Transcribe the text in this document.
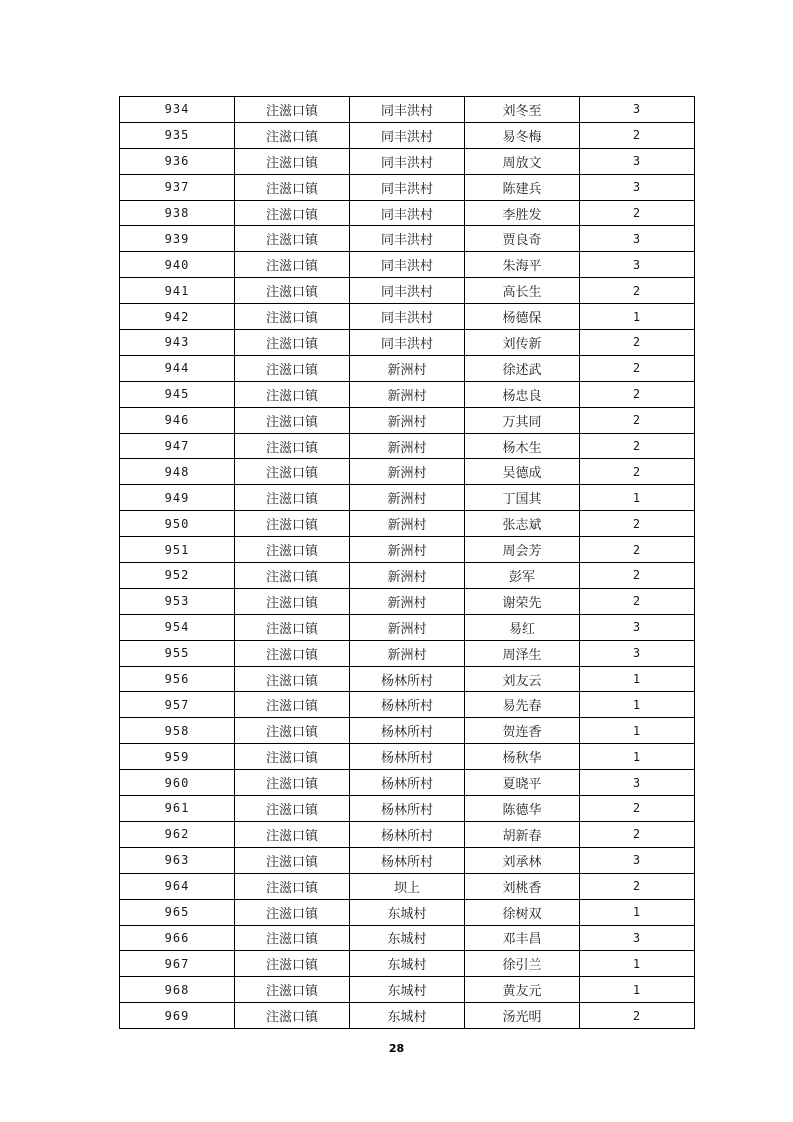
934	注滋口镇	同丰洪村	刘冬至	3
935	注滋口镇	同丰洪村	易冬梅	2
936	注滋口镇	同丰洪村	周放文	3
937	注滋口镇	同丰洪村	陈建兵	3
938	注滋口镇	同丰洪村	李胜发	2
939	注滋口镇	同丰洪村	贾良奇	3
940	注滋口镇	同丰洪村	朱海平	3
941	注滋口镇	同丰洪村	高长生	2
942	注滋口镇	同丰洪村	杨德保	1
943	注滋口镇	同丰洪村	刘传新	2
944	注滋口镇	新洲村	徐述武	2
945	注滋口镇	新洲村	杨忠良	2
946	注滋口镇	新洲村	万其同	2
947	注滋口镇	新洲村	杨木生	2
948	注滋口镇	新洲村	吴德成	2
949	注滋口镇	新洲村	丁国其	1
950	注滋口镇	新洲村	张志斌	2
951	注滋口镇	新洲村	周会芳	2
952	注滋口镇	新洲村	彭军	2
953	注滋口镇	新洲村	谢荣先	2
954	注滋口镇	新洲村	易红	3
955	注滋口镇	新洲村	周泽生	3
956	注滋口镇	杨林所村	刘友云	1
957	注滋口镇	杨林所村	易先春	1
958	注滋口镇	杨林所村	贺连香	1
959	注滋口镇	杨林所村	杨秋华	1
960	注滋口镇	杨林所村	夏晓平	3
961	注滋口镇	杨林所村	陈德华	2
962	注滋口镇	杨林所村	胡新春	2
963	注滋口镇	杨林所村	刘承林	3
964	注滋口镇	坝上	刘桃香	2
965	注滋口镇	东城村	徐树双	1
966	注滋口镇	东城村	邓丰昌	3
967	注滋口镇	东城村	徐引兰	1
968	注滋口镇	东城村	黄友元	1
969	注滋口镇	东城村	汤光明	2
28
